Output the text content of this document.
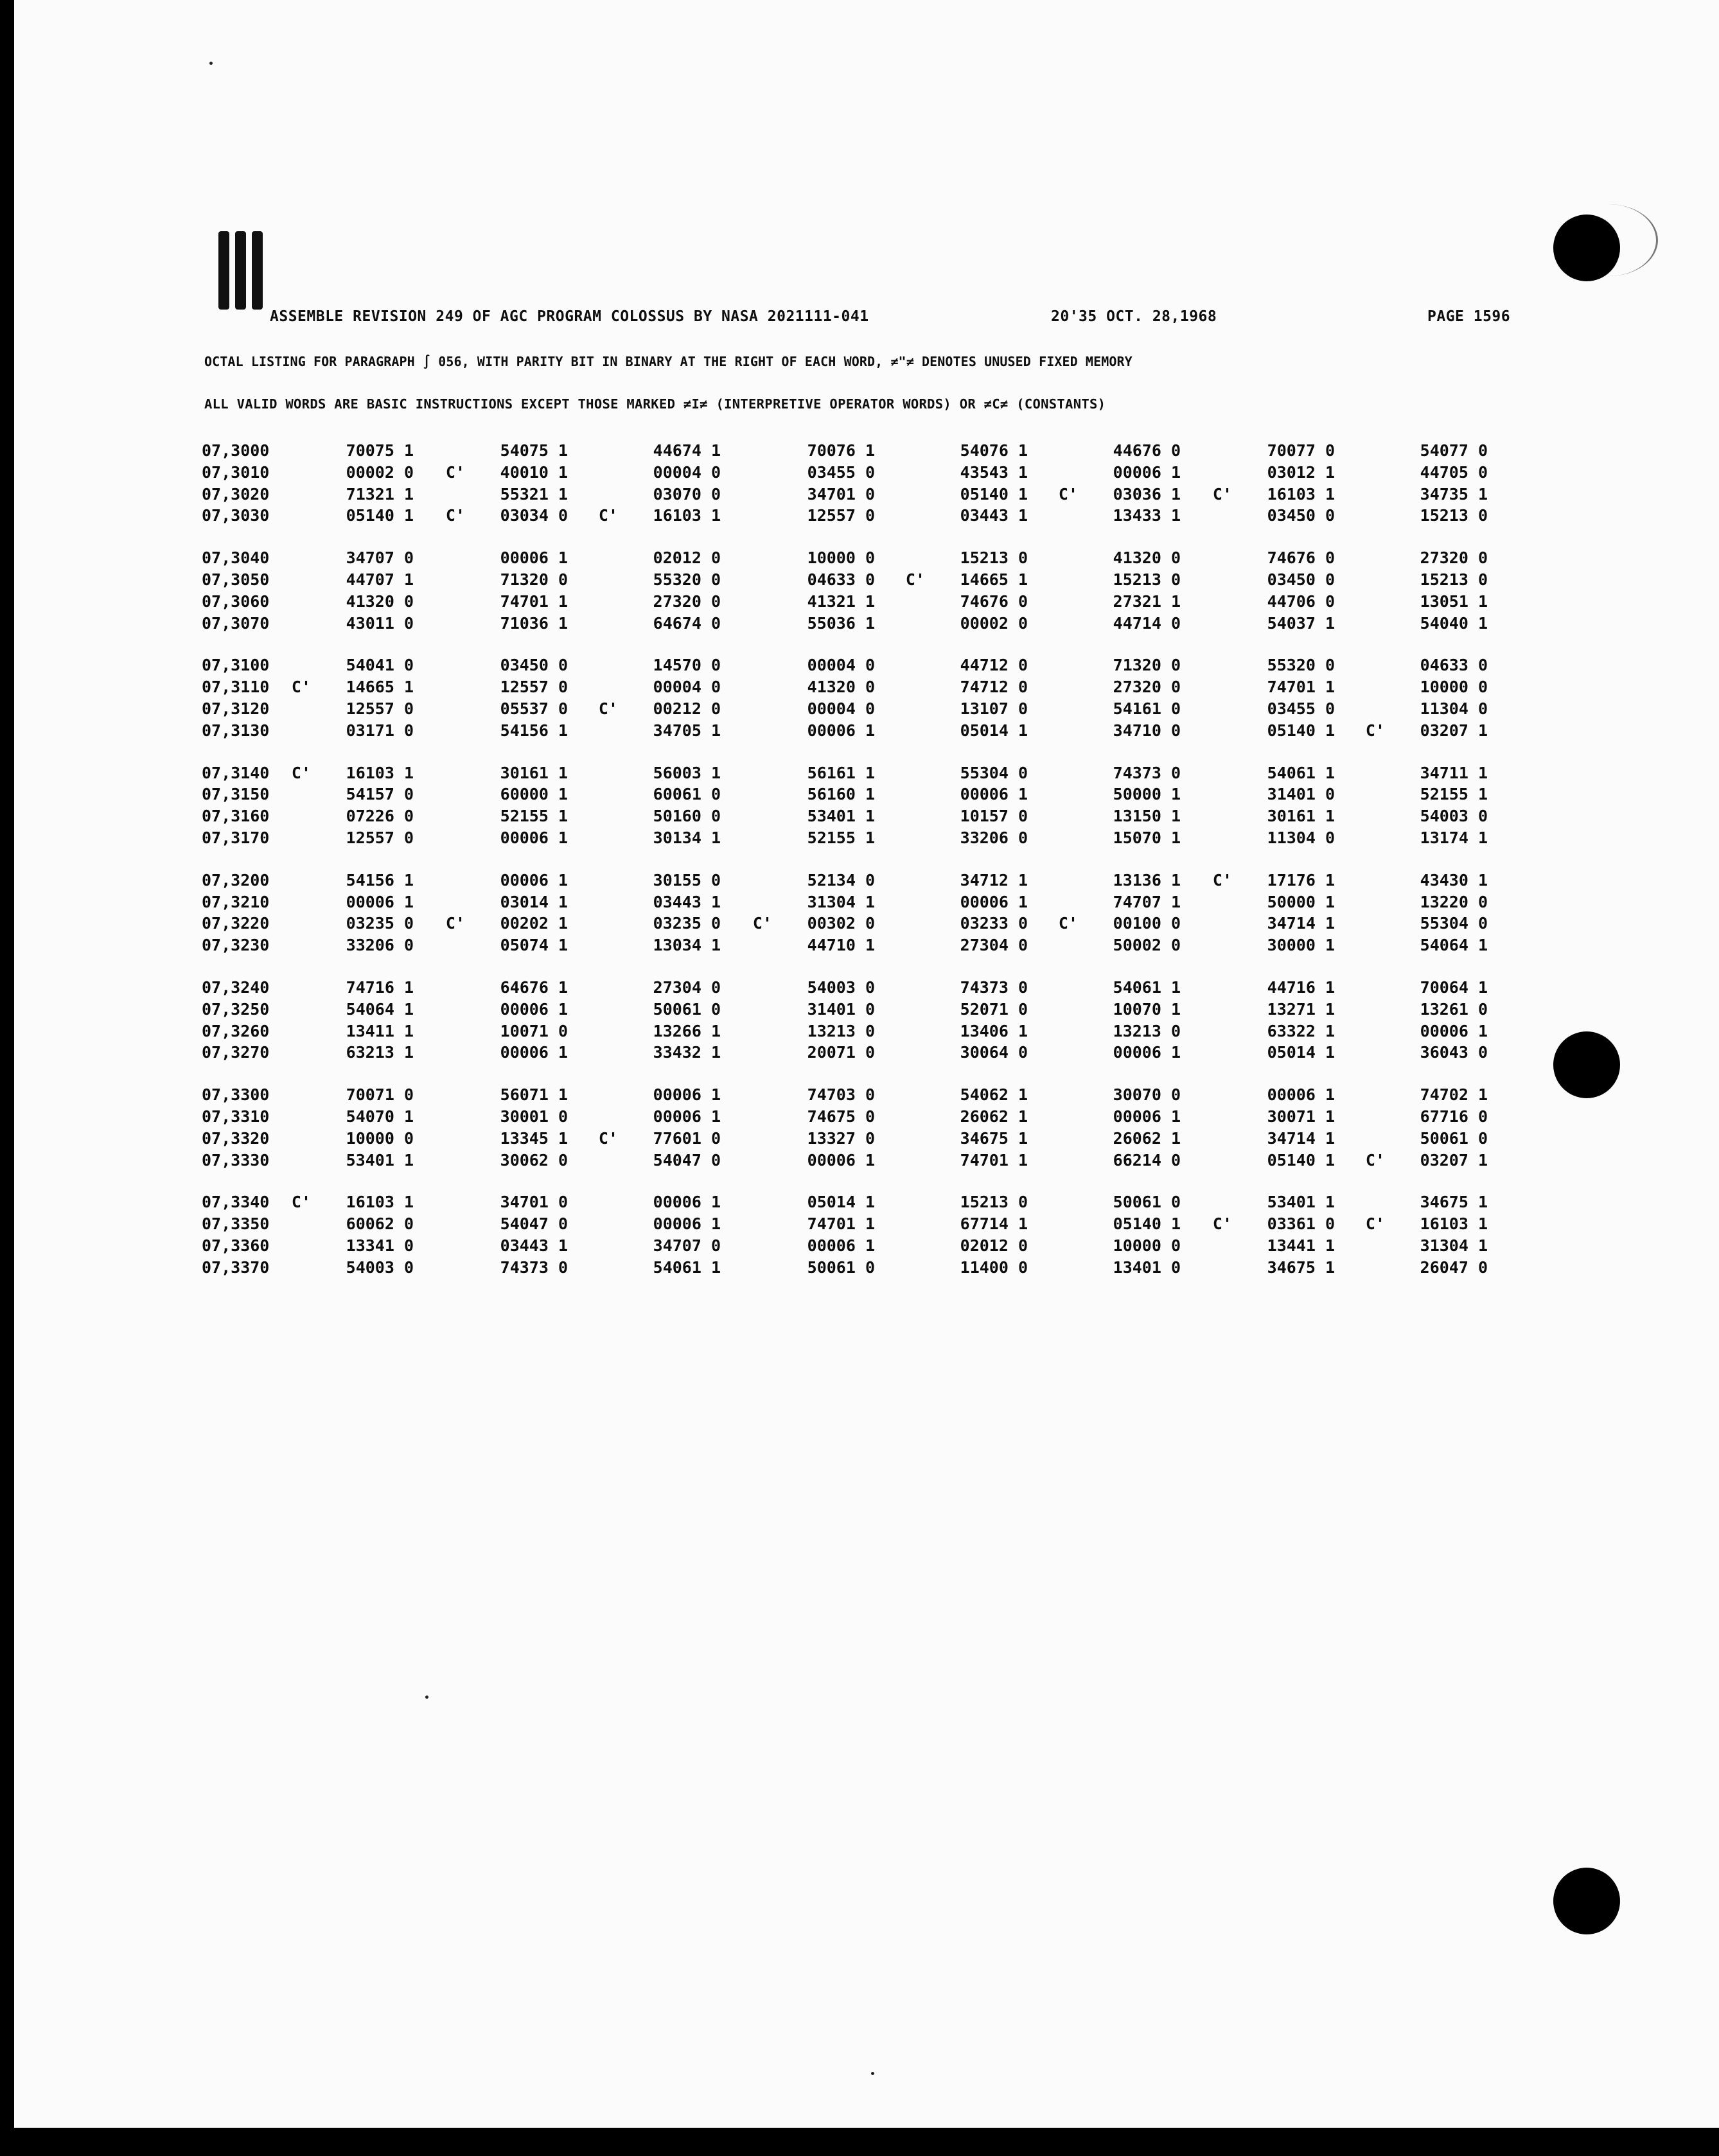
ASSEMBLE REVISION 249 OF AGC PROGRAM COLOSSUS BY NASA 2021111-041	20'35 OCT. 28,1968	PAGE 1596
OCTAL LISTING FOR PARAGRAPH ∫ 056, WITH PARITY BIT IN BINARY AT THE RIGHT OF EACH WORD, ≠"≠ DENOTES UNUSED FIXED MEMORY
ALL VALID WORDS ARE BASIC INSTRUCTIONS EXCEPT THOSE MARKED ≠I≠ (INTERPRETIVE OPERATOR WORDS) OR ≠C≠ (CONSTANTS)
07,3000	70075 1	54075 1	44674 1	70076 1	54076 1	44676 0	70077 0	54077 0
07,3010	00002 0	C'	40010 1	00004 0	03455 0	43543 1	00006 1	03012 1	44705 0
07,3020	71321 1	55321 1	03070 0	34701 0	05140 1	C'	03036 1	C'	16103 1	34735 1
07,3030	05140 1	C'	03034 0	C'	16103 1	12557 0	03443 1	13433 1	03450 0	15213 0
07,3040	34707 0	00006 1	02012 0	10000 0	15213 0	41320 0	74676 0	27320 0
07,3050	44707 1	71320 0	55320 0	04633 0	C'	14665 1	15213 0	03450 0	15213 0
07,3060	41320 0	74701 1	27320 0	41321 1	74676 0	27321 1	44706 0	13051 1
07,3070	43011 0	71036 1	64674 0	55036 1	00002 0	44714 0	54037 1	54040 1
07,3100	54041 0	03450 0	14570 0	00004 0	44712 0	71320 0	55320 0	04633 0
07,3110	C'	14665 1	12557 0	00004 0	41320 0	74712 0	27320 0	74701 1	10000 0
07,3120	12557 0	05537 0	C'	00212 0	00004 0	13107 0	54161 0	03455 0	11304 0
07,3130	03171 0	54156 1	34705 1	00006 1	05014 1	34710 0	05140 1	C'	03207 1
07,3140	C'	16103 1	30161 1	56003 1	56161 1	55304 0	74373 0	54061 1	34711 1
07,3150	54157 0	60000 1	60061 0	56160 1	00006 1	50000 1	31401 0	52155 1
07,3160	07226 0	52155 1	50160 0	53401 1	10157 0	13150 1	30161 1	54003 0
07,3170	12557 0	00006 1	30134 1	52155 1	33206 0	15070 1	11304 0	13174 1
07,3200	54156 1	00006 1	30155 0	52134 0	34712 1	13136 1	C'	17176 1	43430 1
07,3210	00006 1	03014 1	03443 1	31304 1	00006 1	74707 1	50000 1	13220 0
07,3220	03235 0	C'	00202 1	03235 0	C'	00302 0	03233 0	C'	00100 0	34714 1	55304 0
07,3230	33206 0	05074 1	13034 1	44710 1	27304 0	50002 0	30000 1	54064 1
07,3240	74716 1	64676 1	27304 0	54003 0	74373 0	54061 1	44716 1	70064 1
07,3250	54064 1	00006 1	50061 0	31401 0	52071 0	10070 1	13271 1	13261 0
07,3260	13411 1	10071 0	13266 1	13213 0	13406 1	13213 0	63322 1	00006 1
07,3270	63213 1	00006 1	33432 1	20071 0	30064 0	00006 1	05014 1	36043 0
07,3300	70071 0	56071 1	00006 1	74703 0	54062 1	30070 0	00006 1	74702 1
07,3310	54070 1	30001 0	00006 1	74675 0	26062 1	00006 1	30071 1	67716 0
07,3320	10000 0	13345 1	C'	77601 0	13327 0	34675 1	26062 1	34714 1	50061 0
07,3330	53401 1	30062 0	54047 0	00006 1	74701 1	66214 0	05140 1	C'	03207 1
07,3340	C'	16103 1	34701 0	00006 1	05014 1	15213 0	50061 0	53401 1	34675 1
07,3350	60062 0	54047 0	00006 1	74701 1	67714 1	05140 1	C'	03361 0	C'	16103 1
07,3360	13341 0	03443 1	34707 0	00006 1	02012 0	10000 0	13441 1	31304 1
07,3370	54003 0	74373 0	54061 1	50061 0	11400 0	13401 0	34675 1	26047 0
